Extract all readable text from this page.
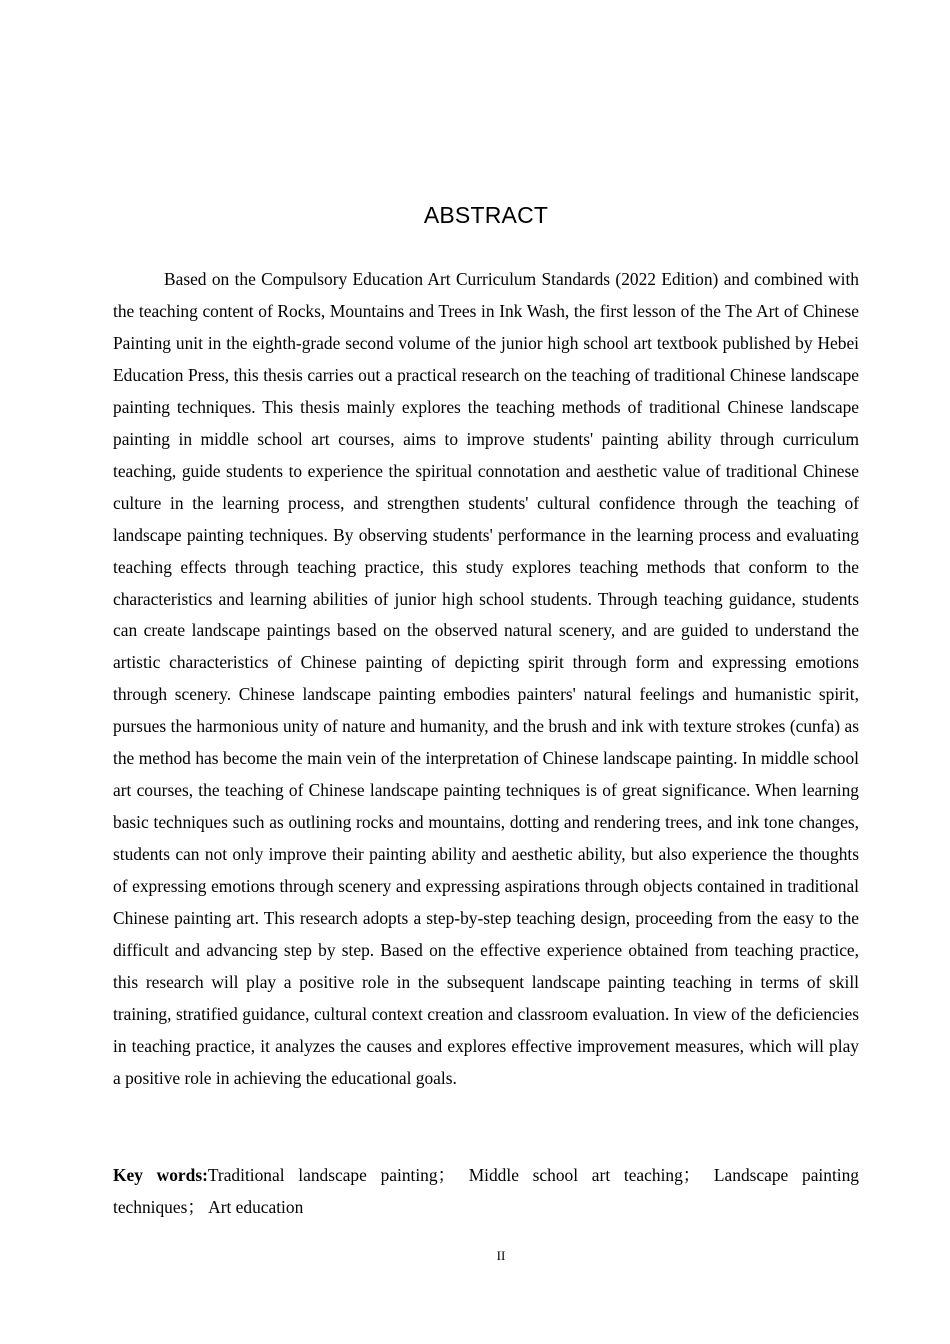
ABSTRACT

Based on the Compulsory Education Art Curriculum Standards (2022 Edition) and combined with the teaching content of Rocks, Mountains and Trees in Ink Wash, the first lesson of the The Art of Chinese Painting unit in the eighth-grade second volume of the junior high school art textbook published by Hebei Education Press, this thesis carries out a practical research on the teaching of traditional Chinese landscape painting techniques. This thesis mainly explores the teaching methods of traditional Chinese landscape painting in middle school art courses, aims to improve students' painting ability through curriculum teaching, guide students to experience the spiritual connotation and aesthetic value of traditional Chinese culture in the learning process, and strengthen students' cultural confidence through the teaching of landscape painting techniques. By observing students' performance in the learning process and evaluating teaching effects through teaching practice, this study explores teaching methods that conform to the characteristics and learning abilities of junior high school students. Through teaching guidance, students can create landscape paintings based on the observed natural scenery, and are guided to understand the artistic characteristics of Chinese painting of depicting spirit through form and expressing emotions through scenery. Chinese landscape painting embodies painters' natural feelings and humanistic spirit, pursues the harmonious unity of nature and humanity, and the brush and ink with texture strokes (cunfa) as the method has become the main vein of the interpretation of Chinese landscape painting. In middle school art courses, the teaching of Chinese landscape painting techniques is of great significance. When learning basic techniques such as outlining rocks and mountains, dotting and rendering trees, and ink tone changes, students can not only improve their painting ability and aesthetic ability, but also experience the thoughts of expressing emotions through scenery and expressing aspirations through objects contained in traditional Chinese painting art. This research adopts a step-by-step teaching design, proceeding from the easy to the difficult and advancing step by step. Based on the effective experience obtained from teaching practice, this research will play a positive role in the subsequent landscape painting teaching in terms of skill training, stratified guidance, cultural context creation and classroom evaluation. In view of the deficiencies in teaching practice, it analyzes the causes and explores effective improvement measures, which will play a positive role in achieving the educational goals.

Key words:Traditional landscape painting； Middle school art teaching； Landscape painting techniques； Art education

II
